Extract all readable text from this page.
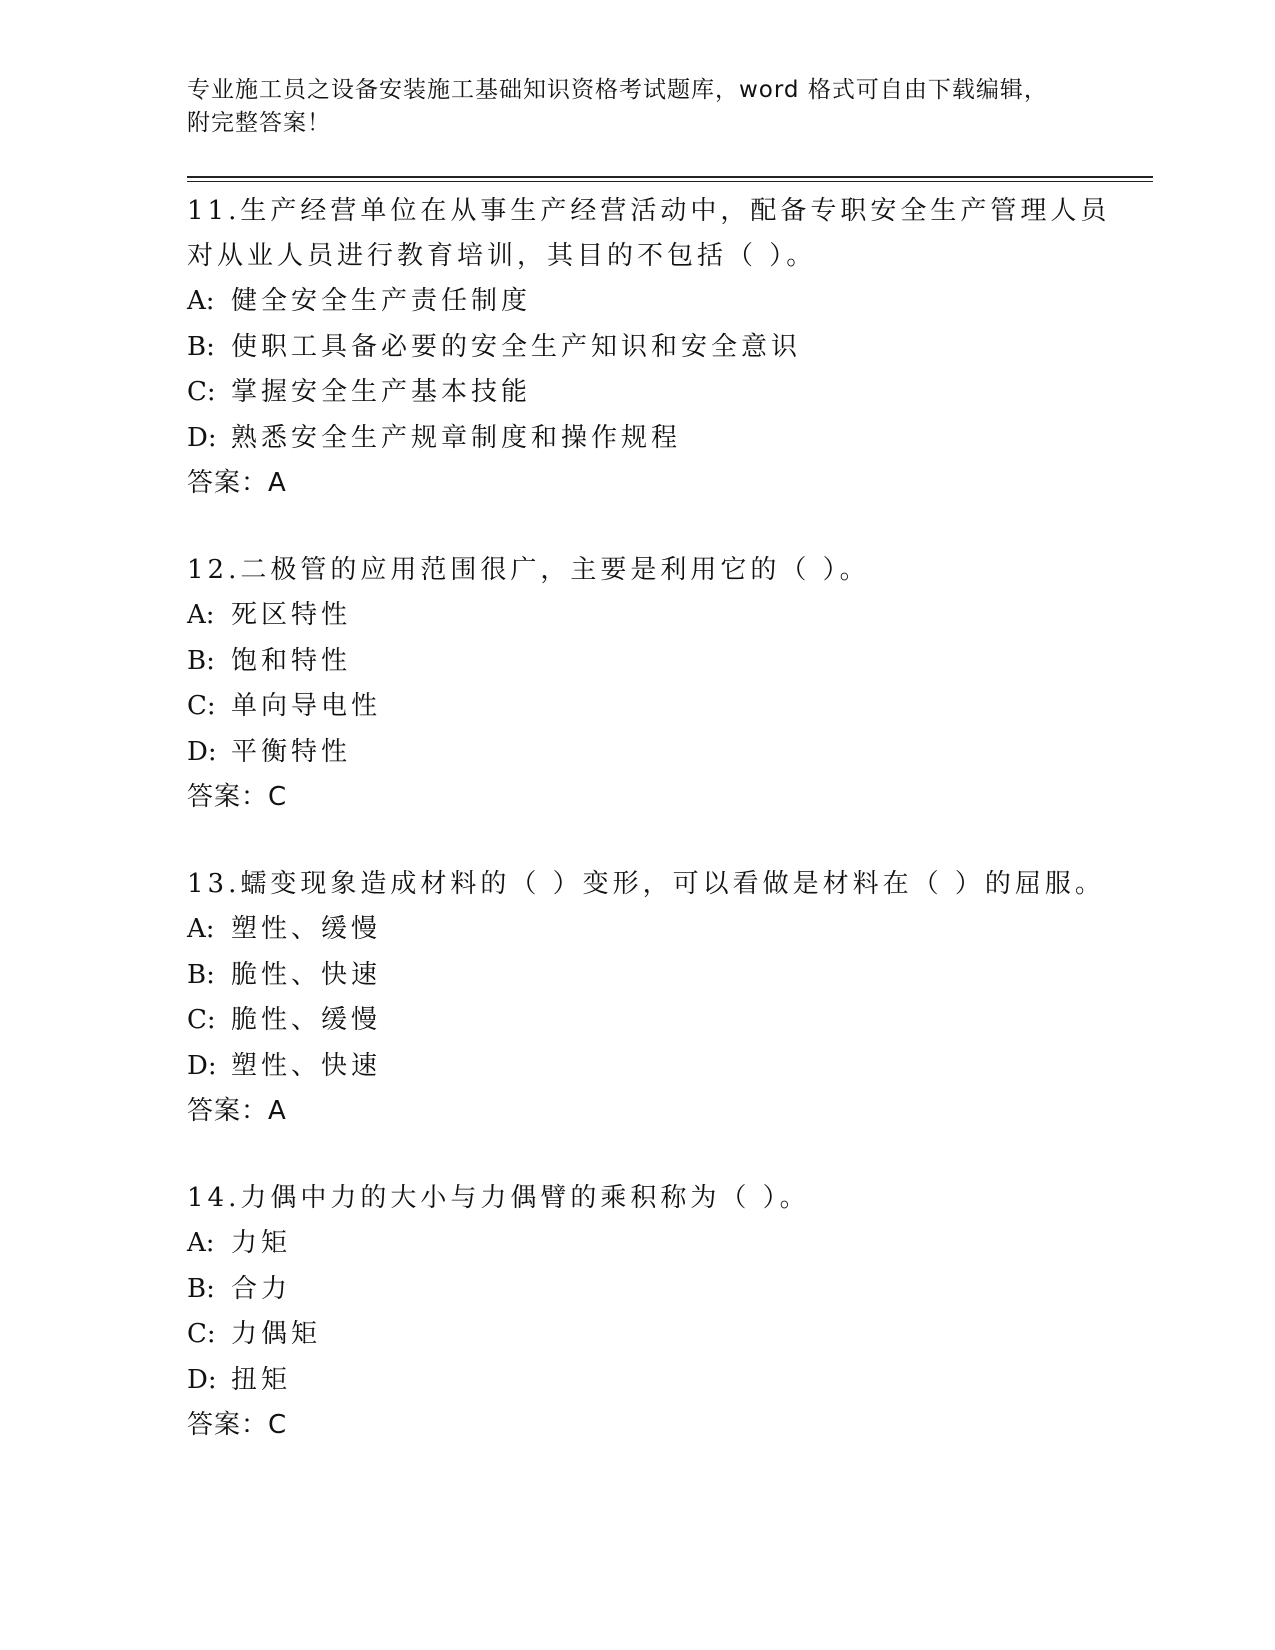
专业施工员之设备安装施工基础知识资格考试题库，word 格式可自由下载编辑，
附完整答案！
11.生产经营单位在从事生产经营活动中，配备专职安全生产管理人员
对从业人员进行教育培训，其目的不包括（ ）。
A: 健全安全生产责任制度
B: 使职工具备必要的安全生产知识和安全意识
C: 掌握安全生产基本技能
D: 熟悉安全生产规章制度和操作规程
答案：A
12.二极管的应用范围很广，主要是利用它的（ ）。
A: 死区特性
B: 饱和特性
C: 单向导电性
D: 平衡特性
答案：C
13.蠕变现象造成材料的（ ）变形，可以看做是材料在（ ）的屈服。
A: 塑性、缓慢
B: 脆性、快速
C: 脆性、缓慢
D: 塑性、快速
答案：A
14.力偶中力的大小与力偶臂的乘积称为（ ）。
A: 力矩
B: 合力
C: 力偶矩
D: 扭矩
答案：C
